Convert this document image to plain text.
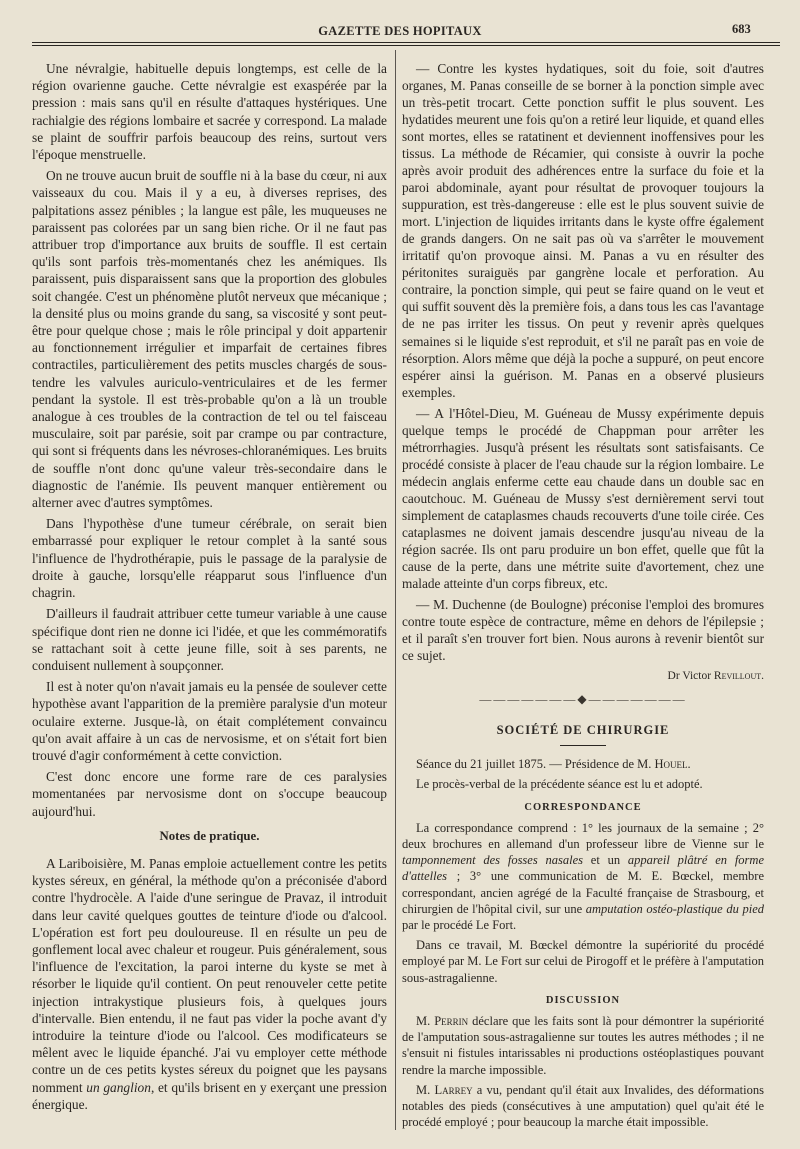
GAZETTE DES HOPITAUX	683

Une névralgie, habituelle depuis longtemps, est celle de la région ovarienne gauche. Cette névralgie est exaspérée par la pression : mais sans qu'il en résulte d'attaques hystériques. Une rachialgie des régions lombaire et sacrée y correspond. La malade se plaint de souffrir parfois beaucoup des reins, surtout vers l'époque menstruelle.

On ne trouve aucun bruit de souffle ni à la base du cœur, ni aux vaisseaux du cou. Mais il y a eu, à diverses reprises, des palpitations assez pénibles ; la langue est pâle, les muqueuses ne paraissent pas colorées par un sang bien riche. Or il ne faut pas attribuer trop d'importance aux bruits de souffle. Il est certain qu'ils sont parfois très-momentanés chez les anémiques. Ils paraissent, puis disparaissent sans que la proportion des globules soit changée. C'est un phénomène plutôt nerveux que mécanique ; la densité plus ou moins grande du sang, sa viscosité y sont peut-être pour quelque chose ; mais le rôle principal y doit appartenir au fonctionnement irrégulier et imparfait de certaines fibres contractiles, particulièrement des petits muscles chargés de sous-tendre les valvules auriculo-ventriculaires et de les fermer pendant la systole. Il est très-probable qu'on a là un trouble analogue à ces troubles de la contraction de tel ou tel faisceau musculaire, soit par parésie, soit par crampe ou par contracture, qui sont si fréquents dans les névroses-chloranémiques. Les bruits de souffle n'ont donc qu'une valeur très-secondaire dans le diagnostic de l'anémie. Ils peuvent manquer entièrement ou alterner avec d'autres symptômes.

Dans l'hypothèse d'une tumeur cérébrale, on serait bien embarrassé pour expliquer le retour complet à la santé sous l'influence de l'hydrothérapie, puis le passage de la paralysie de droite à gauche, lorsqu'elle réapparut sous l'influence d'un chagrin.

D'ailleurs il faudrait attribuer cette tumeur variable à une cause spécifique dont rien ne donne ici l'idée, et que les commémoratifs se rattachant soit à cette jeune fille, soit à ses parents, ne conduisent nullement à soupçonner.

Il est à noter qu'on n'avait jamais eu la pensée de soulever cette hypothèse avant l'apparition de la première paralysie d'un moteur oculaire externe. Jusque-là, on était complétement convaincu qu'on avait affaire à un cas de nervosisme, et on s'était fort bien trouvé d'agir conformément à cette conviction.

C'est donc encore une forme rare de ces paralysies momentanées par nervosisme dont on s'occupe beaucoup aujourd'hui.

Notes de pratique.

A Lariboisière, M. Panas emploie actuellement contre les petits kystes séreux, en général, la méthode qu'on a préconisée d'abord contre l'hydrocèle. A l'aide d'une seringue de Pravaz, il introduit dans leur cavité quelques gouttes de teinture d'iode ou d'alcool. L'opération est fort peu douloureuse. Il en résulte un peu de gonflement local avec chaleur et rougeur. Puis généralement, sous l'influence de l'excitation, la paroi interne du kyste se met à résorber le liquide qu'il contient. On peut renouveler cette petite injection intrakystique plusieurs fois, à quelques jours d'intervalle. Bien entendu, il ne faut pas vider la poche avant d'y introduire la teinture d'iode ou l'alcool. Ces modificateurs se mêlent avec le liquide épanché. J'ai vu employer cette méthode contre un de ces petits kystes séreux du poignet que les paysans nomment un ganglion, et qu'ils brisent en y exerçant une pression énergique.

— Contre les kystes hydatiques, soit du foie, soit d'autres organes, M. Panas conseille de se borner à la ponction simple avec un très-petit trocart. Cette ponction suffit le plus souvent. Les hydatides meurent une fois qu'on a retiré leur liquide, et quand elles sont mortes, elles se ratatinent et deviennent inoffensives pour les tissus. La méthode de Récamier, qui consiste à ouvrir la poche après avoir produit des adhérences entre la surface du foie et la paroi abdominale, ayant pour résultat de provoquer toujours la suppuration, est très-dangereuse : elle est le plus souvent suivie de mort. L'injection de liquides irritants dans le kyste offre également de grands dangers. On ne sait pas où va s'arrêter le mouvement irritatif qu'on provoque ainsi. M. Panas a vu en résulter des péritonites suraiguës par gangrène locale et perforation. Au contraire, la ponction simple, qui peut se faire quand on le veut et qui suffit souvent dès la première fois, a dans tous les cas l'avantage de ne pas irriter les tissus. On peut y revenir après quelques semaines si le liquide s'est reproduit, et s'il ne paraît pas en voie de résorption. Alors même que déjà la poche a suppuré, on peut encore espérer ainsi la guérison. M. Panas en a observé plusieurs exemples.

— A l'Hôtel-Dieu, M. Guéneau de Mussy expérimente depuis quelque temps le procédé de Chappman pour arrêter les métrorrhagies. Jusqu'à présent les résultats sont satisfaisants. Ce procédé consiste à placer de l'eau chaude sur la région lombaire. Le médecin anglais enferme cette eau chaude dans un double sac en caoutchouc. M. Guéneau de Mussy s'est dernièrement servi tout simplement de cataplasmes chauds recouverts d'une toile cirée. Ces cataplasmes ne doivent jamais descendre jusqu'au niveau de la région sacrée. Ils ont paru produire un bon effet, quelle que fût la cause de la perte, dans une métrite suite d'avortement, chez une malade atteinte d'un corps fibreux, etc.

— M. Duchenne (de Boulogne) préconise l'emploi des bromures contre toute espèce de contracture, même en dehors de l'épilepsie ; et il paraît s'en trouver fort bien. Nous aurons à revenir bientôt sur ce sujet.

Dr Victor Revillout.
———————◆———————
SOCIÉTÉ DE CHIRURGIE

Séance du 21 juillet 1875. — Présidence de M. Houel.

Le procès-verbal de la précédente séance est lu et adopté.

CORRESPONDANCE

La correspondance comprend : 1° les journaux de la semaine ; 2° deux brochures en allemand d'un professeur libre de Vienne sur le tamponnement des fosses nasales et un appareil plâtré en forme d'attelles ; 3° une communication de M. E. Bœckel, membre correspondant, ancien agrégé de la Faculté française de Strasbourg, et chirurgien de l'hôpital civil, sur une amputation ostéo-plastique du pied par le procédé Le Fort.

Dans ce travail, M. Bœckel démontre la supériorité du procédé employé par M. Le Fort sur celui de Pirogoff et le préfère à l'amputation sous-astragalienne.

DISCUSSION

M. Perrin déclare que les faits sont là pour démontrer la supériorité de l'amputation sous-astragalienne sur toutes les autres méthodes ; il ne s'ensuit ni fistules intarissables ni productions ostéoplastiques pouvant rendre la marche impossible.

M. Larrey a vu, pendant qu'il était aux Invalides, des déformations notables des pieds (consécutives à une amputation) quel qu'ait été le procédé employé ; pour beaucoup la marche était impossible.
